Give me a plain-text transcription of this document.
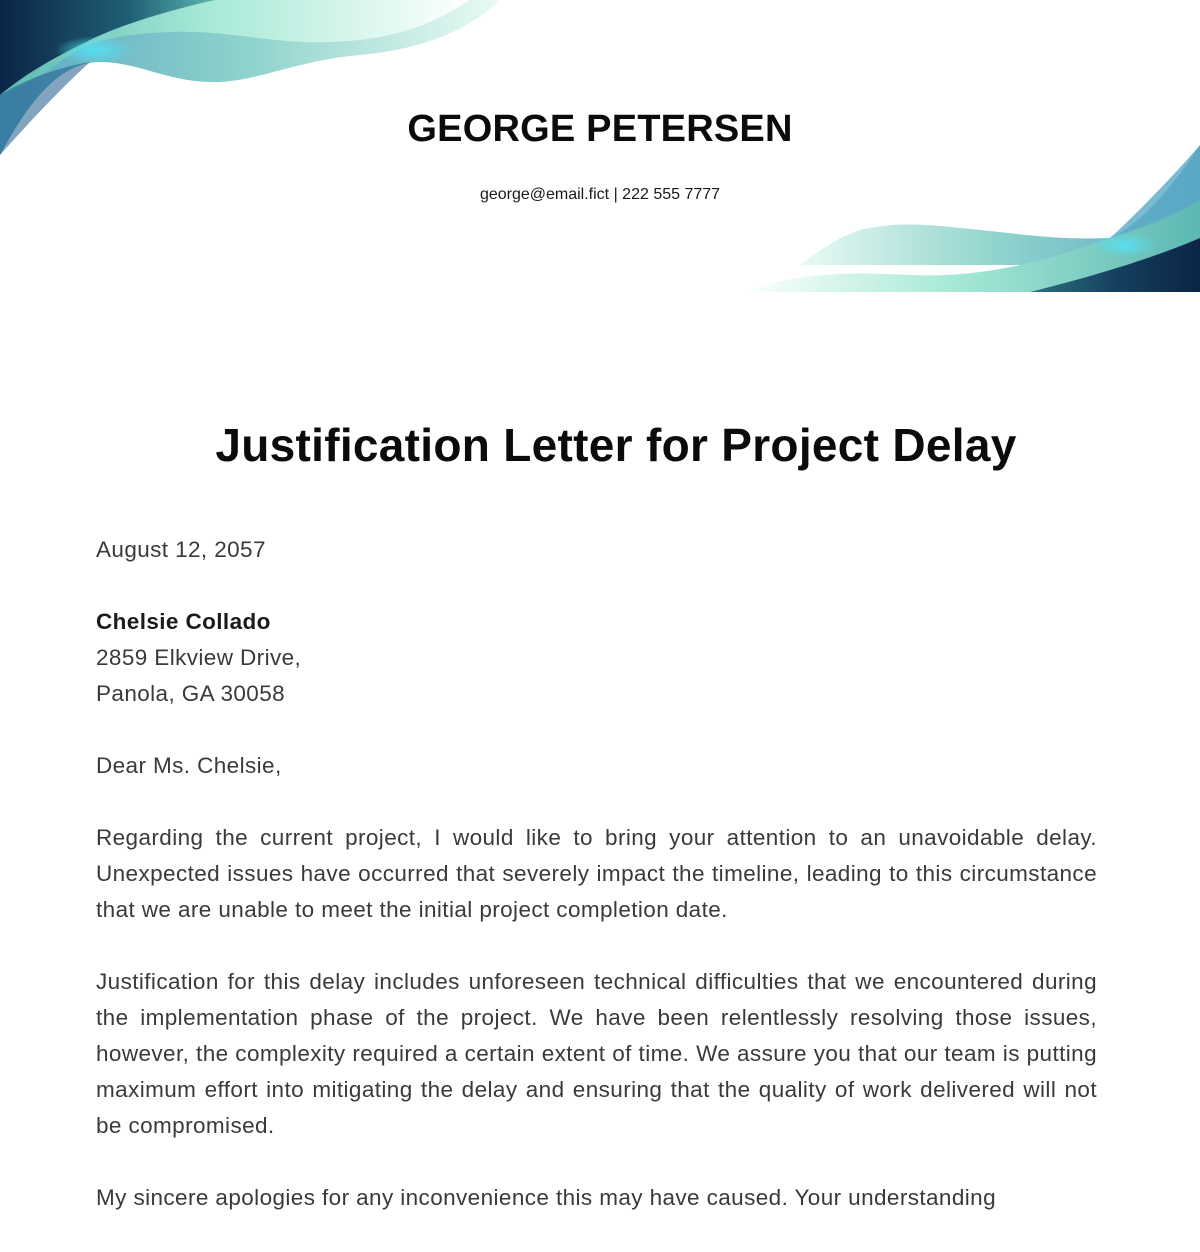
GEORGE PETERSEN

george@email.fict | 222 555 7777

Justification Letter for Project Delay
August 12, 2057
Chelsie Collado
2859 Elkview Drive,
Panola, GA 30058

Dear Ms. Chelsie,

Regarding the current project, I would like to bring your attention to an unavoidable delay. Unexpected issues have occurred that severely impact the timeline, leading to this circumstance that we are unable to meet the initial project completion date.

Justification for this delay includes unforeseen technical difficulties that we encountered during the implementation phase of the project. We have been relentlessly resolving those issues, however, the complexity required a certain extent of time. We assure you that our team is putting maximum effort into mitigating the delay and ensuring that the quality of work delivered will not be compromised.

My sincere apologies for any inconvenience this may have caused. Your understanding
